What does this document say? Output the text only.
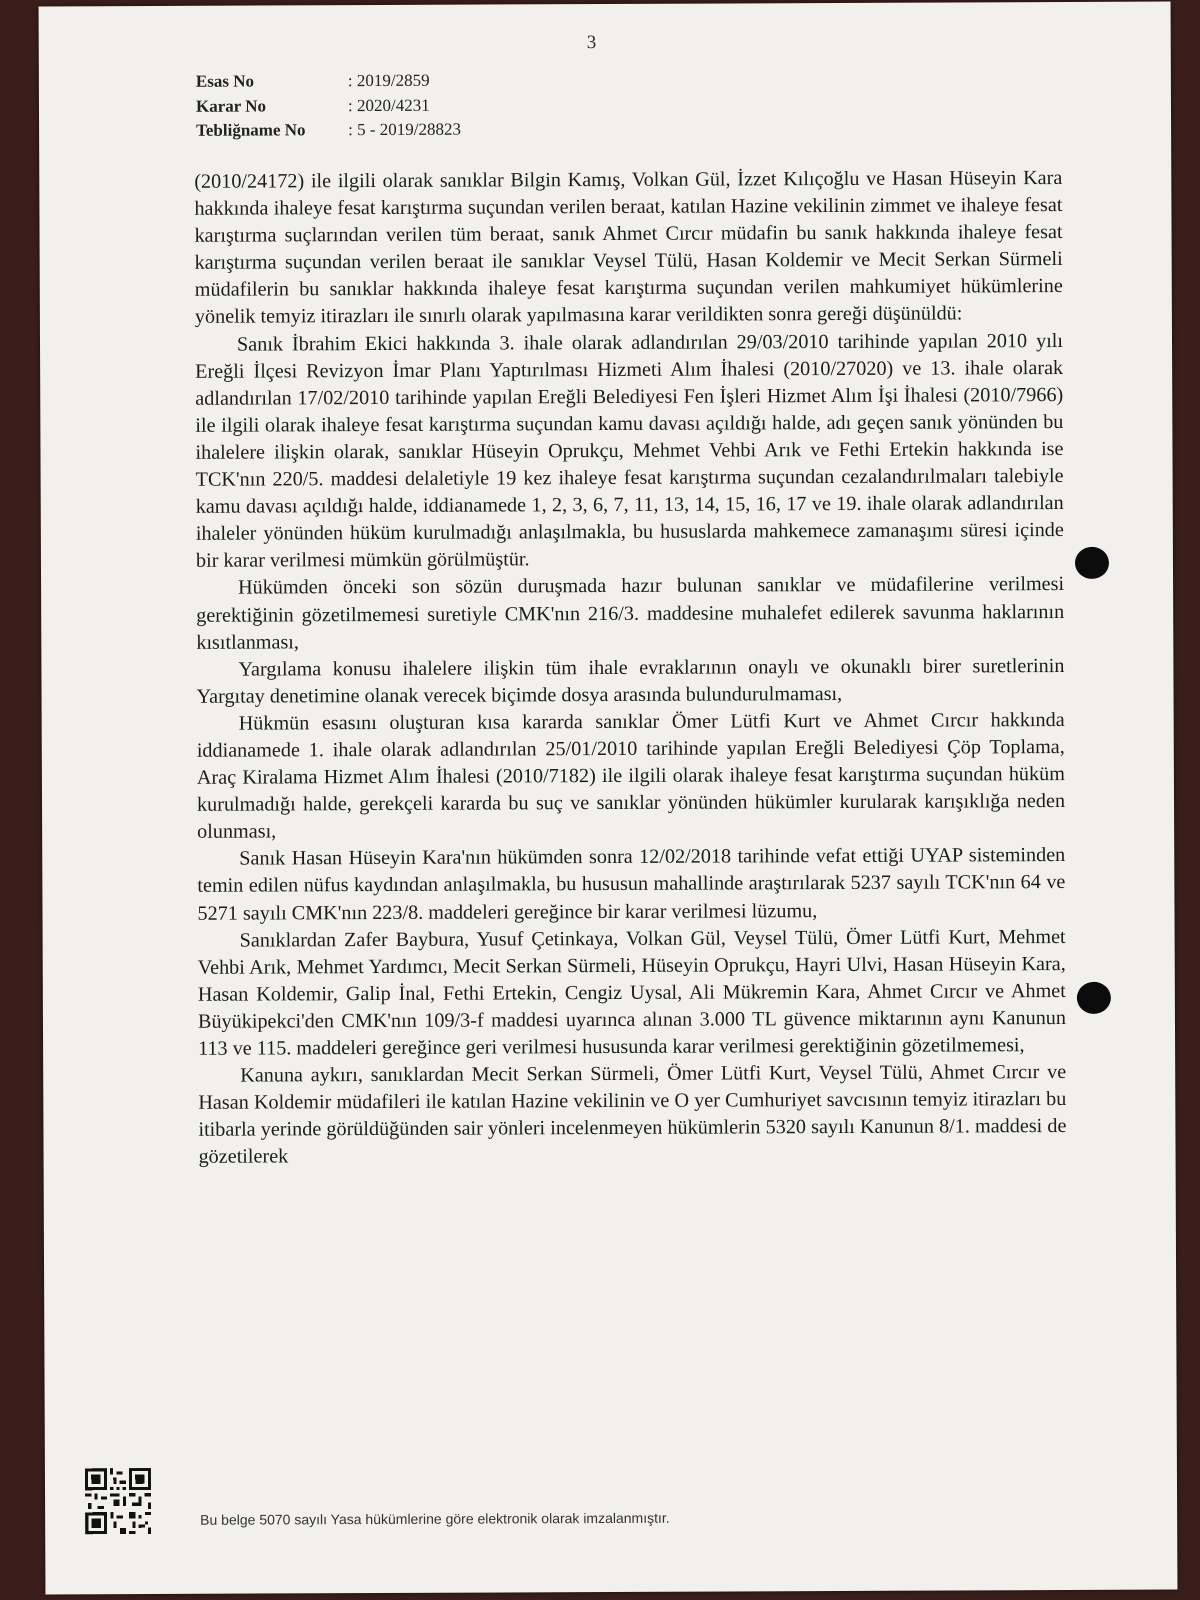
3
Esas No	: 2019/2859
Karar No	: 2020/4231
Tebliğname No	: 5 - 2019/28823

(2010/24172) ile ilgili olarak sanıklar Bilgin Kamış, Volkan Gül, İzzet Kılıçoğlu ve Hasan Hüseyin Kara hakkında ihaleye fesat karıştırma suçundan verilen beraat, katılan Hazine vekilinin zimmet ve ihaleye fesat karıştırma suçlarından verilen tüm beraat, sanık Ahmet Cırcır müdafin bu sanık hakkında ihaleye fesat karıştırma suçundan verilen beraat ile sanıklar Veysel Tülü, Hasan Koldemir ve Mecit Serkan Sürmeli müdafilerin bu sanıklar hakkında ihaleye fesat karıştırma suçundan verilen mahkumiyet hükümlerine yönelik temyiz itirazları ile sınırlı olarak yapılmasına karar verildikten sonra gereği düşünüldü:

Sanık İbrahim Ekici hakkında 3. ihale olarak adlandırılan 29/03/2010 tarihinde yapılan 2010 yılı Ereğli İlçesi Revizyon İmar Planı Yaptırılması Hizmeti Alım İhalesi (2010/27020) ve 13. ihale olarak adlandırılan 17/02/2010 tarihinde yapılan Ereğli Belediyesi Fen İşleri Hizmet Alım İşi İhalesi (2010/7966) ile ilgili olarak ihaleye fesat karıştırma suçundan kamu davası açıldığı halde, adı geçen sanık yönünden bu ihalelere ilişkin olarak, sanıklar Hüseyin Oprukçu, Mehmet Vehbi Arık ve Fethi Ertekin hakkında ise TCK'nın 220/5. maddesi delaletiyle 19 kez ihaleye fesat karıştırma suçundan cezalandırılmaları talebiyle kamu davası açıldığı halde, iddianamede 1, 2, 3, 6, 7, 11, 13, 14, 15, 16, 17 ve 19. ihale olarak adlandırılan ihaleler yönünden hüküm kurulmadığı anlaşılmakla, bu hususlarda mahkemece zamanaşımı süresi içinde bir karar verilmesi mümkün görülmüştür.

Hükümden önceki son sözün duruşmada hazır bulunan sanıklar ve müdafilerine verilmesi gerektiğinin gözetilmemesi suretiyle CMK'nın 216/3. maddesine muhalefet edilerek savunma haklarının kısıtlanması,

Yargılama konusu ihalelere ilişkin tüm ihale evraklarının onaylı ve okunaklı birer suretlerinin Yargıtay denetimine olanak verecek biçimde dosya arasında bulundurulmaması,

Hükmün esasını oluşturan kısa kararda sanıklar Ömer Lütfi Kurt ve Ahmet Cırcır hakkında iddianamede 1. ihale olarak adlandırılan 25/01/2010 tarihinde yapılan Ereğli Belediyesi Çöp Toplama, Araç Kiralama Hizmet Alım İhalesi (2010/7182) ile ilgili olarak ihaleye fesat karıştırma suçundan hüküm kurulmadığı halde, gerekçeli kararda bu suç ve sanıklar yönünden hükümler kurularak karışıklığa neden olunması,

Sanık Hasan Hüseyin Kara'nın hükümden sonra 12/02/2018 tarihinde vefat ettiği UYAP sisteminden temin edilen nüfus kaydından anlaşılmakla, bu hususun mahallinde araştırılarak 5237 sayılı TCK'nın 64 ve 5271 sayılı CMK'nın 223/8. maddeleri gereğince bir karar verilmesi lüzumu,

Sanıklardan Zafer Baybura, Yusuf Çetinkaya, Volkan Gül, Veysel Tülü, Ömer Lütfi Kurt, Mehmet Vehbi Arık, Mehmet Yardımcı, Mecit Serkan Sürmeli, Hüseyin Oprukçu, Hayri Ulvi, Hasan Hüseyin Kara, Hasan Koldemir, Galip İnal, Fethi Ertekin, Cengiz Uysal, Ali Mükremin Kara, Ahmet Cırcır ve Ahmet Büyükipekci'den CMK'nın 109/3-f maddesi uyarınca alınan 3.000 TL güvence miktarının aynı Kanunun 113 ve 115. maddeleri gereğince geri verilmesi hususunda karar verilmesi gerektiğinin gözetilmemesi,

Kanuna aykırı, sanıklardan Mecit Serkan Sürmeli, Ömer Lütfi Kurt, Veysel Tülü, Ahmet Cırcır ve Hasan Koldemir müdafileri ile katılan Hazine vekilinin ve O yer Cumhuriyet savcısının temyiz itirazları bu itibarla yerinde görüldüğünden sair yönleri incelenmeyen hükümlerin 5320 sayılı Kanunun 8/1. maddesi de gözetilerek

Bu belge 5070 sayılı Yasa hükümlerine göre elektronik olarak imzalanmıştır.
